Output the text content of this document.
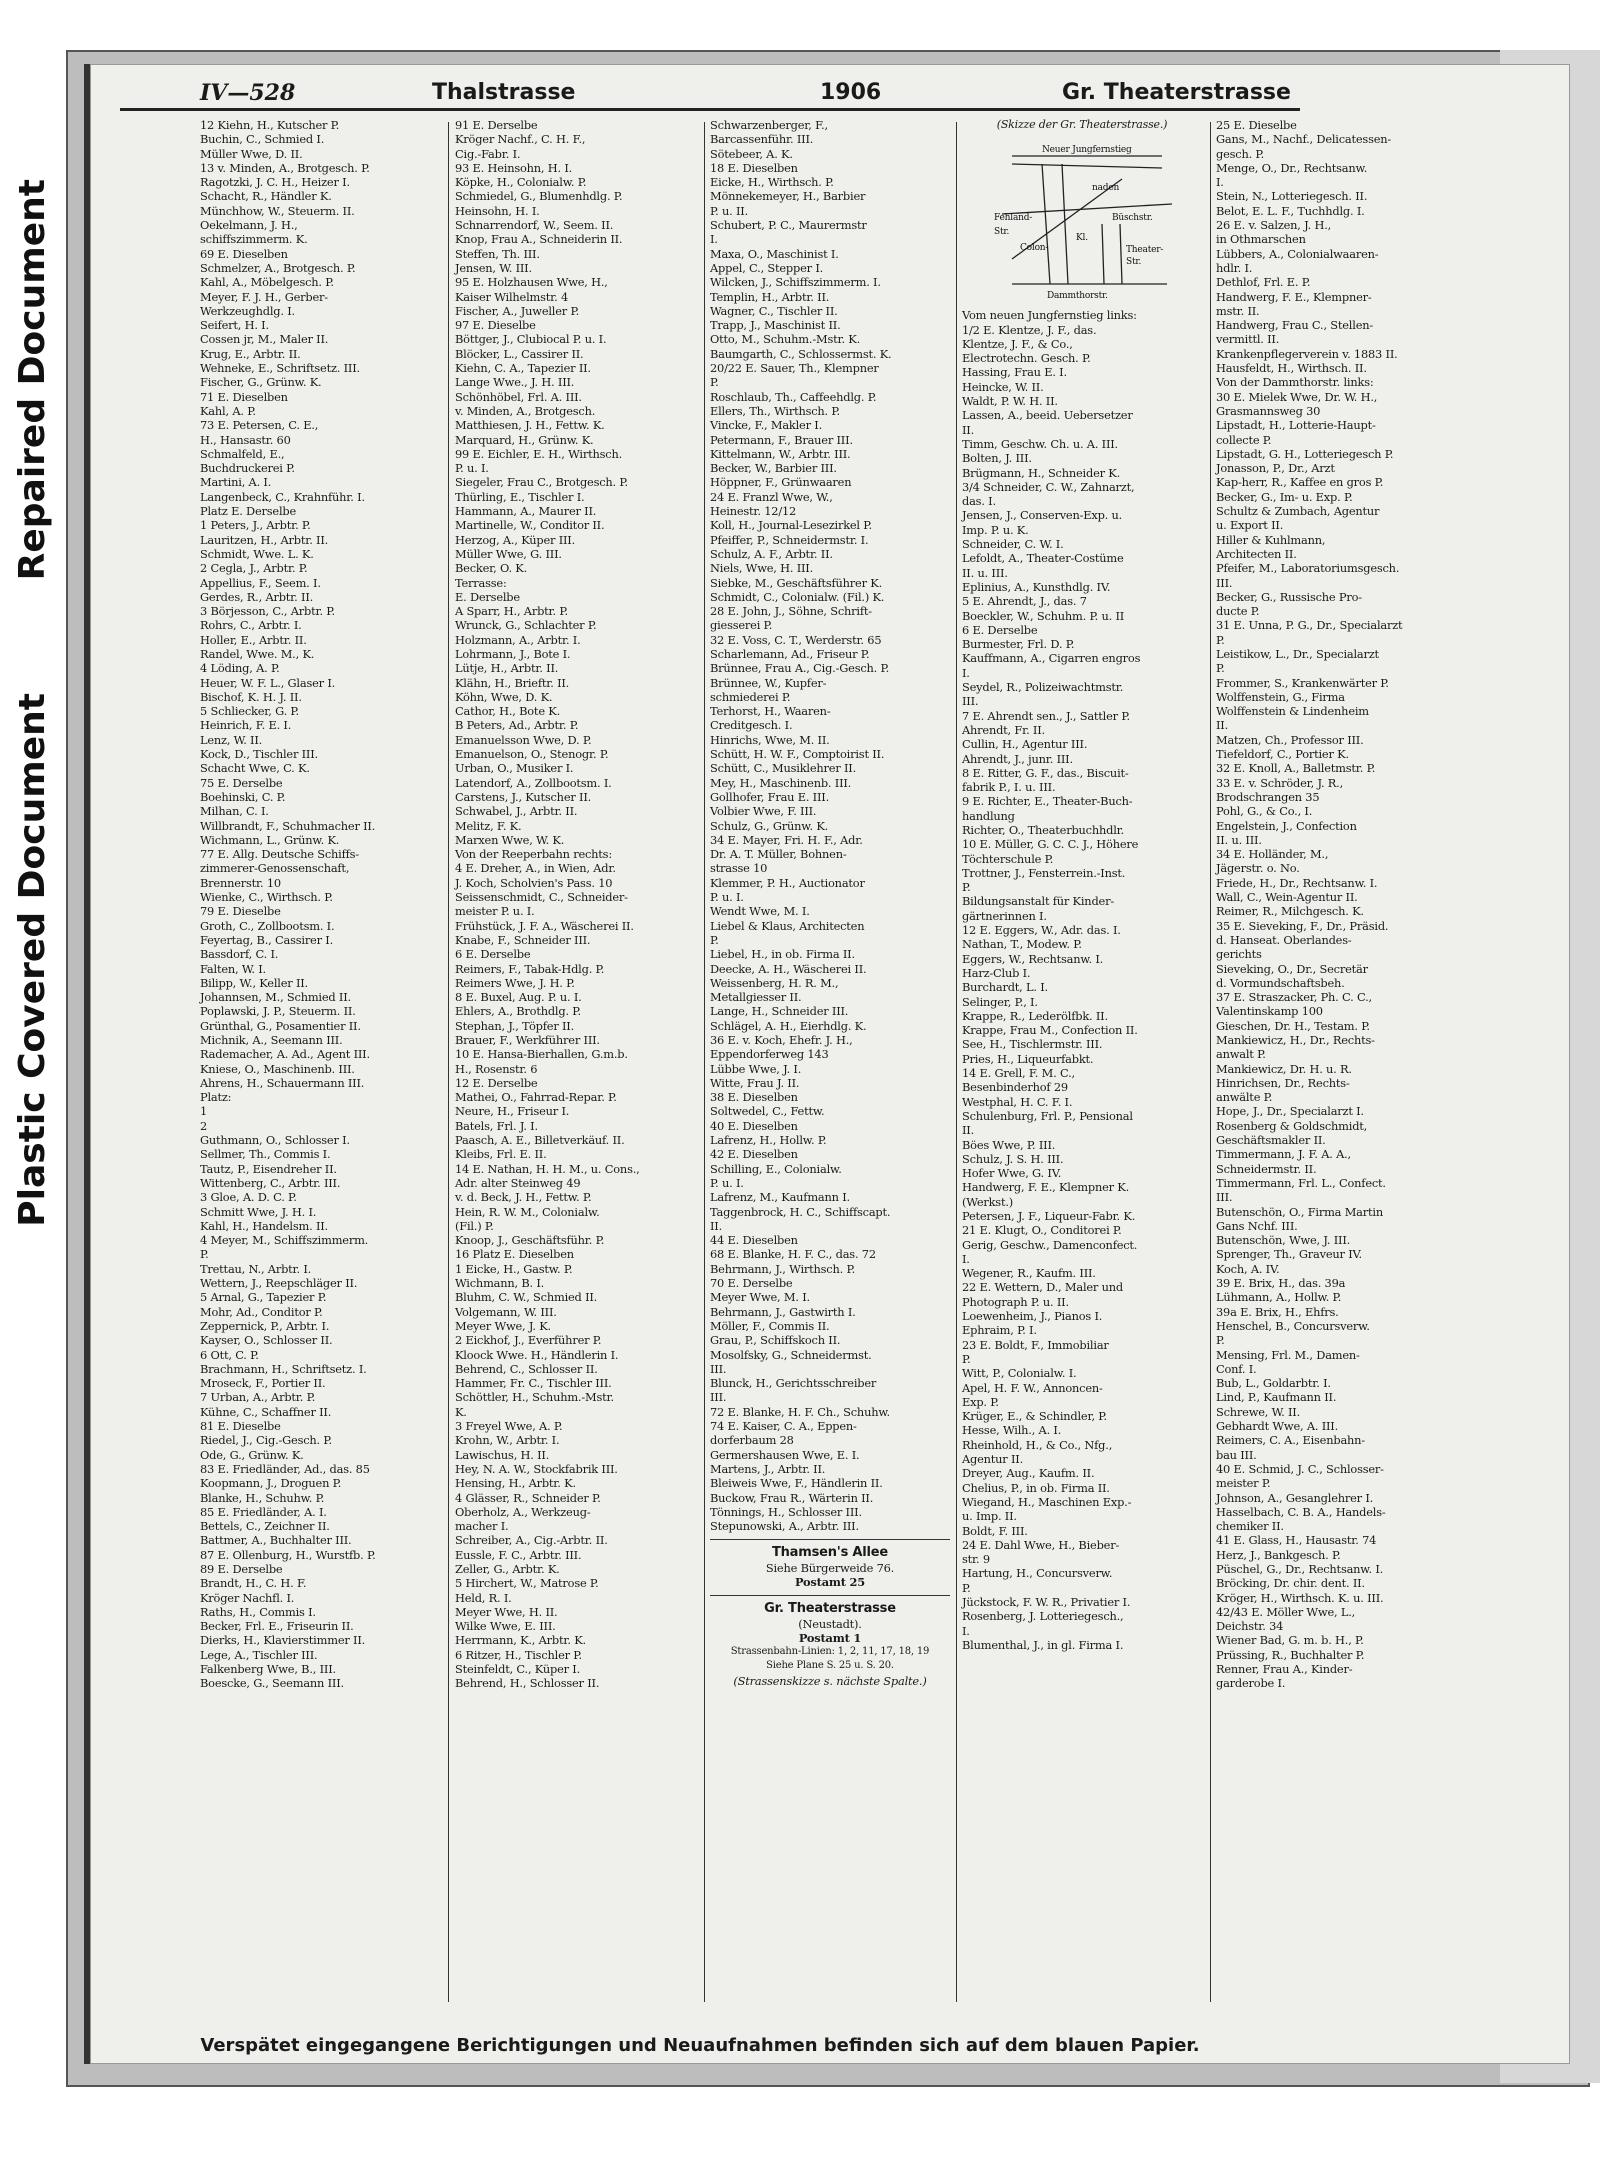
Repaired Document
Plastic Covered Document
IV—528	Thalstrasse	1906	Gr. Theaterstrasse
12 Kiehn, H., Kutscher P.
Buchin, C., Schmied I.
Müller Wwe, D. II.
13 v. Minden, A., Brotgesch. P.
Ragotzki, J. C. H., Heizer I.
Schacht, R., Händler K.
Münchhow, W., Steuerm. II.
Oekelmann, J. H.,
schiffszimmerm. K.
69 E. Dieselben
Schmelzer, A., Brotgesch. P.
Kahl, A., Möbelgesch. P.
Meyer, F. J. H., Gerber-
Werkzeughdlg. I.
Seifert, H. I.
Cossen jr, M., Maler II.
Krug, E., Arbtr. II.
Wehneke, E., Schriftsetz. III.
Fischer, G., Grünw. K.
71 E. Dieselben
Kahl, A. P.
73 E. Petersen, C. E.,
H., Hansastr. 60
Schmalfeld, E.,
Buchdruckerei P.
Martini, A. I.
Langenbeck, C., Krahnführ. I.
Platz E. Derselbe
1 Peters, J., Arbtr. P.
Lauritzen, H., Arbtr. II.
Schmidt, Wwe. L. K.
2 Cegla, J., Arbtr. P.
Appellius, F., Seem. I.
Gerdes, R., Arbtr. II.
3 Börjesson, C., Arbtr. P.
Rohrs, C., Arbtr. I.
Holler, E., Arbtr. II.
Randel, Wwe. M., K.
4 Löding, A. P.
Heuer, W. F. L., Glaser I.
Bischof, K. H. J. II.
5 Schliecker, G. P.
Heinrich, F. E. I.
Lenz, W. II.
Kock, D., Tischler III.
Schacht Wwe, C. K.
75 E. Derselbe
Boehinski, C. P.
Milhan, C. I.
Willbrandt, F., Schuhmacher II.
Wichmann, L., Grünw. K.
77 E. Allg. Deutsche Schiffs-
zimmerer-Genossenschaft,
Brennerstr. 10
Wienke, C., Wirthsch. P.
79 E. Dieselbe
Groth, C., Zollbootsm. I.
Feyertag, B., Cassirer I.
Bassdorf, C. I.
Falten, W. I.
Bilipp, W., Keller II.
Johannsen, M., Schmied II.
Poplawski, J. P., Steuerm. II.
Grünthal, G., Posamentier II.
Michnik, A., Seemann III.
Rademacher, A. Ad., Agent III.
Kniese, O., Maschinenb. III.
Ahrens, H., Schauermann III.
Platz:
1
2
Guthmann, O., Schlosser I.
Sellmer, Th., Commis I.
Tautz, P., Eisendreher II.
Wittenberg, C., Arbtr. III.
3 Gloe, A. D. C. P.
Schmitt Wwe, J. H. I.
Kahl, H., Handelsm. II.
4 Meyer, M., Schiffszimmerm.
P.
Trettau, N., Arbtr. I.
Wettern, J., Reepschläger II.
5 Arnal, G., Tapezier P.
Mohr, Ad., Conditor P.
Zeppernick, P., Arbtr. I.
Kayser, O., Schlosser II.
6 Ott, C. P.
Brachmann, H., Schriftsetz. I.
Mroseck, F., Portier II.
7 Urban, A., Arbtr. P.
Kühne, C., Schaffner II.
81 E. Dieselbe
Riedel, J., Cig.-Gesch. P.
Ode, G., Grünw. K.
83 E. Friedländer, Ad., das. 85
Koopmann, J., Droguen P.
Blanke, H., Schuhw. P.
85 E. Friedländer, A. I.
Bettels, C., Zeichner II.
Battmer, A., Buchhalter III.
87 E. Ollenburg, H., Wurstfb. P.
89 E. Derselbe
Brandt, H., C. H. F.
Kröger Nachfl. I.
Raths, H., Commis I.
Becker, Frl. E., Friseurin II.
Dierks, H., Klavierstimmer II.
Lege, A., Tischler III.
Falkenberg Wwe, B., III.
Boescke, G., Seemann III.
91 E. Derselbe
Kröger Nachf., C. H. F.,
Cig.-Fabr. I.
93 E. Heinsohn, H. I.
Köpke, H., Colonialw. P.
Schmiedel, G., Blumenhdlg. P.
Heinsohn, H. I.
Schnarrendorf, W., Seem. II.
Knop, Frau A., Schneiderin II.
Steffen, Th. III.
Jensen, W. III.
95 E. Holzhausen Wwe, H.,
Kaiser Wilhelmstr. 4
Fischer, A., Juweller P.
97 E. Dieselbe
Böttger, J., Clubiocal P. u. I.
Blöcker, L., Cassirer II.
Kiehn, C. A., Tapezier II.
Lange Wwe., J. H. III.
Schönhöbel, Frl. A. III.
v. Minden, A., Brotgesch.
Matthiesen, J. H., Fettw. K.
Marquard, H., Grünw. K.
99 E. Eichler, E. H., Wirthsch.
P. u. I.
Siegeler, Frau C., Brotgesch. P.
Thürling, E., Tischler I.
Hammann, A., Maurer II.
Martinelle, W., Conditor II.
Herzog, A., Küper III.
Müller Wwe, G. III.
Becker, O. K.
Terrasse:
E. Derselbe
A Sparr, H., Arbtr. P.
Wrunck, G., Schlachter P.
Holzmann, A., Arbtr. I.
Lohrmann, J., Bote I.
Lütje, H., Arbtr. II.
Klähn, H., Brieftr. II.
Köhn, Wwe, D. K.
Cathor, H., Bote K.
B Peters, Ad., Arbtr. P.
Emanuelsson Wwe, D. P.
Emanuelson, O., Stenogr. P.
Urban, O., Musiker I.
Latendorf, A., Zollbootsm. I.
Carstens, J., Kutscher II.
Schwabel, J., Arbtr. II.
Melitz, F. K.
Marxen Wwe, W. K.
Von der Reeperbahn rechts:
4 E. Dreher, A., in Wien, Adr.
J. Koch, Scholvien's Pass. 10
Seissenschmidt, C., Schneider-
meister P. u. I.
Frühstück, J. F. A., Wäscherei II.
Knabe, F., Schneider III.
6 E. Derselbe
Reimers, F., Tabak-Hdlg. P.
Reimers Wwe, J. H. P.
8 E. Buxel, Aug. P. u. I.
Ehlers, A., Brothdlg. P.
Stephan, J., Töpfer II.
Brauer, F., Werkführer III.
10 E. Hansa-Bierhallen, G.m.b.
H., Rosenstr. 6
12 E. Derselbe
Mathei, O., Fahrrad-Repar. P.
Neure, H., Friseur I.
Batels, Frl. J. I.
Paasch, A. E., Billetverkäuf. II.
Kleibs, Frl. E. II.
14 E. Nathan, H. H. M., u. Cons.,
Adr. alter Steinweg 49
v. d. Beck, J. H., Fettw. P.
Hein, R. W. M., Colonialw.
(Fil.) P.
Knoop, J., Geschäftsführ. P.
16 Platz E. Dieselben
1 Eicke, H., Gastw. P.
Wichmann, B. I.
Bluhm, C. W., Schmied II.
Volgemann, W. III.
Meyer Wwe, J. K.
2 Eickhof, J., Everführer P.
Kloock Wwe. H., Händlerin I.
Behrend, C., Schlosser II.
Hammer, Fr. C., Tischler III.
Schöttler, H., Schuhm.-Mstr.
K.
3 Freyel Wwe, A. P.
Krohn, W., Arbtr. I.
Lawischus, H. II.
Hey, N. A. W., Stockfabrik III.
Hensing, H., Arbtr. K.
4 Glässer, R., Schneider P.
Oberholz, A., Werkzeug-
macher I.
Schreiber, A., Cig.-Arbtr. II.
Eussle, F. C., Arbtr. III.
Zeller, G., Arbtr. K.
5 Hirchert, W., Matrose P.
Held, R. I.
Meyer Wwe, H. II.
Wilke Wwe, E. III.
Herrmann, K., Arbtr. K.
6 Ritzer, H., Tischler P.
Steinfeldt, C., Küper I.
Behrend, H., Schlosser II.
Schwarzenberger, F.,
Barcassenführ. III.
Sötebeer, A. K.
18 E. Dieselben
Eicke, H., Wirthsch. P.
Mönnekemeyer, H., Barbier
P. u. II.
Schubert, P. C., Maurermstr
I.
Maxa, O., Maschinist I.
Appel, C., Stepper I.
Wilcken, J., Schiffszimmerm. I.
Templin, H., Arbtr. II.
Wagner, C., Tischler II.
Trapp, J., Maschinist II.
Otto, M., Schuhm.-Mstr. K.
Baumgarth, C., Schlossermst. K.
20/22 E. Sauer, Th., Klempner
P.
Roschlaub, Th., Caffeehdlg. P.
Ellers, Th., Wirthsch. P.
Vincke, F., Makler I.
Petermann, F., Brauer III.
Kittelmann, W., Arbtr. III.
Becker, W., Barbier III.
Höppner, F., Grünwaaren
24 E. Franzl Wwe, W.,
Heinestr. 12/12
Koll, H., Journal-Lesezirkel P.
Pfeiffer, P., Schneidermstr. I.
Schulz, A. F., Arbtr. II.
Niels, Wwe, H. III.
Siebke, M., Geschäftsführer K.
Schmidt, C., Colonialw. (Fil.) K.
28 E. John, J., Söhne, Schrift-
giesserei P.
32 E. Voss, C. T., Werderstr. 65
Scharlemann, Ad., Friseur P.
Brünnee, Frau A., Cig.-Gesch. P.
Brünnee, W., Kupfer-
schmiederei P.
Terhorst, H., Waaren-
Creditgesch. I.
Hinrichs, Wwe, M. II.
Schütt, H. W. F., Comptoirist II.
Schütt, C., Musiklehrer II.
Mey, H., Maschinenb. III.
Gollhofer, Frau E. III.
Volbier Wwe, F. III.
Schulz, G., Grünw. K.
34 E. Mayer, Fri. H. F., Adr.
Dr. A. T. Müller, Bohnen-
strasse 10
Klemmer, P. H., Auctionator
P. u. I.
Wendt Wwe, M. I.
Liebel & Klaus, Architecten
P.
Liebel, H., in ob. Firma II.
Deecke, A. H., Wäscherei II.
Weissenberg, H. R. M.,
Metallgiesser II.
Lange, H., Schneider III.
Schlägel, A. H., Eierhdlg. K.
36 E. v. Koch, Ehefr. J. H.,
Eppendorferweg 143
Lübbe Wwe, J. I.
Witte, Frau J. II.
38 E. Dieselben
Soltwedel, C., Fettw.
40 E. Dieselben
Lafrenz, H., Hollw. P.
42 E. Dieselben
Schilling, E., Colonialw.
P. u. I.
Lafrenz, M., Kaufmann I.
Taggenbrock, H. C., Schiffscapt.
II.
44 E. Dieselben
68 E. Blanke, H. F. C., das. 72
Behrmann, J., Wirthsch. P.
70 E. Derselbe
Meyer Wwe, M. I.
Behrmann, J., Gastwirth I.
Möller, F., Commis II.
Grau, P., Schiffskoch II.
Mosolfsky, G., Schneidermst.
III.
Blunck, H., Gerichtsschreiber
III.
72 E. Blanke, H. F. Ch., Schuhw.
74 E. Kaiser, C. A., Eppen-
dorferbaum 28
Germershausen Wwe, E. I.
Martens, J., Arbtr. II.
Bleiweis Wwe, F., Händlerin II.
Buckow, Frau R., Wärterin II.
Tönnings, H., Schlosser III.
Stepunowski, A., Arbtr. III.
Thamsen's Allee
Siehe Bürgerweide 76.
Postamt 25
Gr. Theaterstrasse
(Neustadt).
Postamt 1
Strassenbahn-Linien: 1, 2, 11, 17, 18, 19
Siehe Plane S. 25 u. S. 20.
(Strassenskizze s. nächste Spalte.)
(Skizze der Gr. Theaterstrasse.)
Neuer Jungfernstieg
Fehland-
Str.
Colon-
naden
Büschstr.
Kl.
Theater-
Str.
Dammthorstr.
Vom neuen Jungfernstieg links:
1/2 E. Klentze, J. F., das.
Klentze, J. F., & Co.,
Electrotechn. Gesch. P.
Hassing, Frau E. I.
Heincke, W. II.
Waldt, P. W. H. II.
Lassen, A., beeid. Uebersetzer
II.
Timm, Geschw. Ch. u. A. III.
Bolten, J. III.
Brügmann, H., Schneider K.
3/4 Schneider, C. W., Zahnarzt,
das. I.
Jensen, J., Conserven-Exp. u.
Imp. P. u. K.
Schneider, C. W. I.
Lefoldt, A., Theater-Costüme
II. u. III.
Eplinius, A., Kunsthdlg. IV.
5 E. Ahrendt, J., das. 7
Boeckler, W., Schuhm. P. u. II
6 E. Derselbe
Burmester, Frl. D. P.
Kauffmann, A., Cigarren engros
I.
Seydel, R., Polizeiwachtmstr.
III.
7 E. Ahrendt sen., J., Sattler P.
Ahrendt, Fr. II.
Cullin, H., Agentur III.
Ahrendt, J., junr. III.
8 E. Ritter, G. F., das., Biscuit-
fabrik P., I. u. III.
9 E. Richter, E., Theater-Buch-
handlung
Richter, O., Theaterbuchhdlr.
10 E. Müller, G. C. C. J., Höhere
Töchterschule P.
Trottner, J., Fensterrein.-Inst.
P.
Bildungsanstalt für Kinder-
gärtnerinnen I.
12 E. Eggers, W., Adr. das. I.
Nathan, T., Modew. P.
Eggers, W., Rechtsanw. I.
Harz-Club I.
Burchardt, L. I.
Selinger, P., I.
Krappe, R., Lederölfbk. II.
Krappe, Frau M., Confection II.
See, H., Tischlermstr. III.
Pries, H., Liqueurfabkt.
14 E. Grell, F. M. C.,
Besenbinderhof 29
Westphal, H. C. F. I.
Schulenburg, Frl. P., Pensional
II.
Böes Wwe, P. III.
Schulz, J. S. H. III.
Hofer Wwe, G. IV.
Handwerg, F. E., Klempner K.
(Werkst.)
Petersen, J. F., Liqueur-Fabr. K.
21 E. Klugt, O., Conditorei P.
Gerig, Geschw., Damenconfect.
I.
Wegener, R., Kaufm. III.
22 E. Wettern, D., Maler und
Photograph P. u. II.
Loewenheim, J., Pianos I.
Ephraim, P. I.
23 E. Boldt, F., Immobiliar
P.
Witt, P., Colonialw. I.
Apel, H. F. W., Annoncen-
Exp. P.
Krüger, E., & Schindler, P.
Hesse, Wilh., A. I.
Rheinhold, H., & Co., Nfg.,
Agentur II.
Dreyer, Aug., Kaufm. II.
Chelius, P., in ob. Firma II.
Wiegand, H., Maschinen Exp.-
u. Imp. II.
Boldt, F. III.
24 E. Dahl Wwe, H., Bieber-
str. 9
Hartung, H., Concursverw.
P.
Jückstock, F. W. R., Privatier I.
Rosenberg, J. Lotteriegesch.,
I.
Blumenthal, J., in gl. Firma I.
25 E. Dieselbe
Gans, M., Nachf., Delicatessen-
gesch. P.
Menge, O., Dr., Rechtsanw.
I.
Stein, N., Lotteriegesch. II.
Belot, E. L. F., Tuchhdlg. I.
26 E. v. Salzen, J. H.,
in Othmarschen
Lübbers, A., Colonialwaaren-
hdlr. I.
Dethlof, Frl. E. P.
Handwerg, F. E., Klempner-
mstr. II.
Handwerg, Frau C., Stellen-
vermittl. II.
Krankenpflegerverein v. 1883 II.
Hausfeldt, H., Wirthsch. II.
Von der Dammthorstr. links:
30 E. Mielek Wwe, Dr. W. H.,
Grasmannsweg 30
Lipstadt, H., Lotterie-Haupt-
collecte P.
Lipstadt, G. H., Lotteriegesch P.
Jonasson, P., Dr., Arzt
Kap-herr, R., Kaffee en gros P.
Becker, G., Im- u. Exp. P.
Schultz & Zumbach, Agentur
u. Export II.
Hiller & Kuhlmann,
Architecten II.
Pfeifer, M., Laboratoriumsgesch.
III.
Becker, G., Russische Pro-
ducte P.
31 E. Unna, P. G., Dr., Specialarzt
P.
Leistikow, L., Dr., Specialarzt
P.
Frommer, S., Krankenwärter P.
Wolffenstein, G., Firma
Wolffenstein & Lindenheim
II.
Matzen, Ch., Professor III.
Tiefeldorf, C., Portier K.
32 E. Knoll, A., Balletmstr. P.
33 E. v. Schröder, J. R.,
Brodschrangen 35
Pohl, G., & Co., I.
Engelstein, J., Confection
II. u. III.
34 E. Holländer, M.,
Jägerstr. o. No.
Friede, H., Dr., Rechtsanw. I.
Wall, C., Wein-Agentur II.
Reimer, R., Milchgesch. K.
35 E. Sieveking, F., Dr., Präsid.
d. Hanseat. Oberlandes-
gerichts
Sieveking, O., Dr., Secretär
d. Vormundschaftsbeh.
37 E. Straszacker, Ph. C. C.,
Valentinskamp 100
Gieschen, Dr. H., Testam. P.
Mankiewicz, H., Dr., Rechts-
anwalt P.
Mankiewicz, Dr. H. u. R.
Hinrichsen, Dr., Rechts-
anwälte P.
Hope, J., Dr., Specialarzt I.
Rosenberg & Goldschmidt,
Geschäftsmakler II.
Timmermann, J. F. A. A.,
Schneidermstr. II.
Timmermann, Frl. L., Confect.
III.
Butenschön, O., Firma Martin
Gans Nchf. III.
Butenschön, Wwe, J. III.
Sprenger, Th., Graveur IV.
Koch, A. IV.
39 E. Brix, H., das. 39a
Lühmann, A., Hollw. P.
39a E. Brix, H., Ehfrs.
Henschel, B., Concursverw.
P.
Mensing, Frl. M., Damen-
Conf. I.
Bub, L., Goldarbtr. I.
Lind, P., Kaufmann II.
Schrewe, W. II.
Gebhardt Wwe, A. III.
Reimers, C. A., Eisenbahn-
bau III.
40 E. Schmid, J. C., Schlosser-
meister P.
Johnson, A., Gesanglehrer I.
Hasselbach, C. B. A., Handels-
chemiker II.
41 E. Glass, H., Hausastr. 74
Herz, J., Bankgesch. P.
Püschel, G., Dr., Rechtsanw. I.
Bröcking, Dr. chir. dent. II.
Kröger, H., Wirthsch. K. u. III.
42/43 E. Möller Wwe, L.,
Deichstr. 34
Wiener Bad, G. m. b. H., P.
Prüssing, R., Buchhalter P.
Renner, Frau A., Kinder-
garderobe I.
Verspätet eingegangene Berichtigungen und Neuaufnahmen befinden sich auf dem blauen Papier.
